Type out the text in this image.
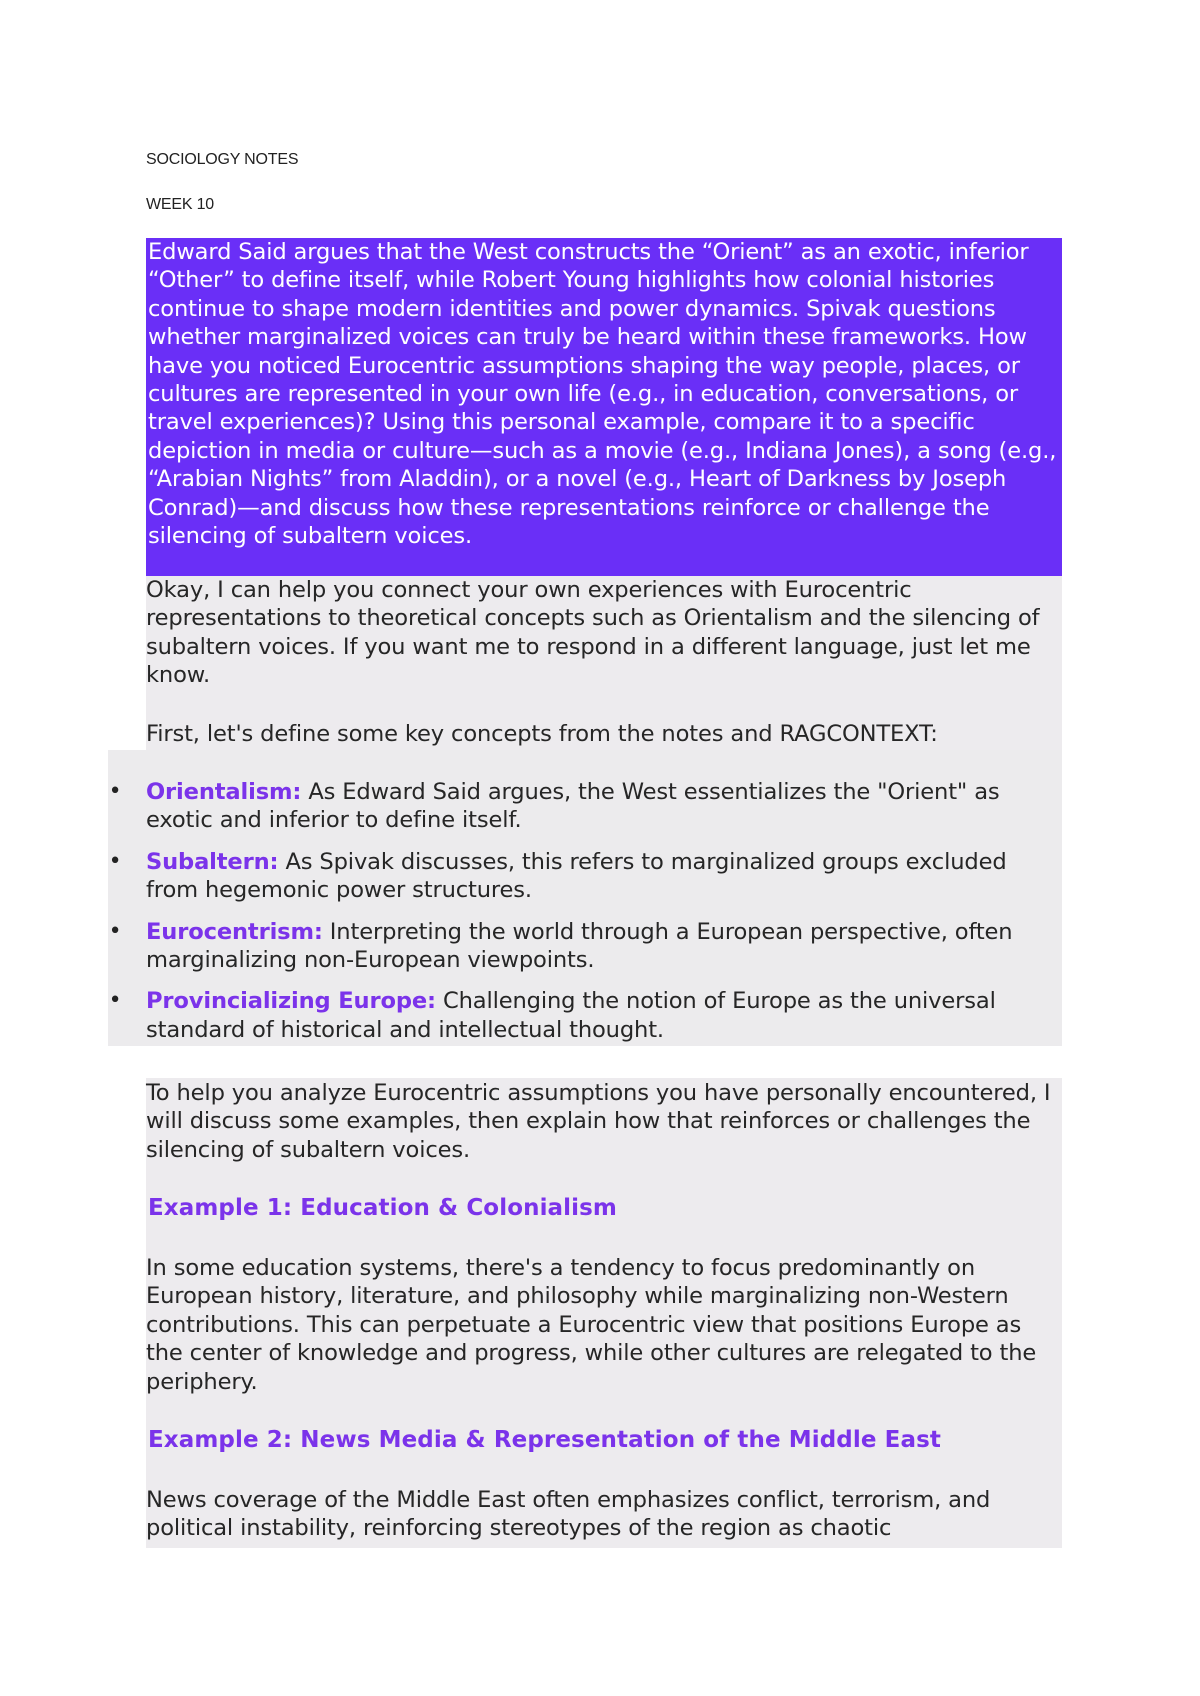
SOCIOLOGY NOTES
WEEK 10
Edward Said argues that the West constructs the “Orient” as an exotic, inferior “Other” to define itself, while Robert Young highlights how colonial histories continue to shape modern identities and power dynamics. Spivak questions whether marginalized voices can truly be heard within these frameworks. How have you noticed Eurocentric assumptions shaping the way people, places, or cultures are represented in your own life (e.g., in education, conversations, or travel experiences)? Using this personal example, compare it to a specific depiction in media or culture—such as a movie (e.g., Indiana Jones), a song (e.g., “Arabian Nights” from Aladdin), or a novel (e.g., Heart of Darkness by Joseph Conrad)—and discuss how these representations reinforce or challenge the silencing of subaltern voices.
Okay, I can help you connect your own experiences with Eurocentric representations to theoretical concepts such as Orientalism and the silencing of subaltern voices. If you want me to respond in a different language, just let me know.
First, let's define some key concepts from the notes and RAGCONTEXT:
• Orientalism: As Edward Said argues, the West essentializes the "Orient" as exotic and inferior to define itself.
• Subaltern: As Spivak discusses, this refers to marginalized groups excluded from hegemonic power structures.
• Eurocentrism: Interpreting the world through a European perspective, often marginalizing non-European viewpoints.
• Provincializing Europe: Challenging the notion of Europe as the universal standard of historical and intellectual thought.
To help you analyze Eurocentric assumptions you have personally encountered, I will discuss some examples, then explain how that reinforces or challenges the silencing of subaltern voices.
Example 1: Education & Colonialism
In some education systems, there's a tendency to focus predominantly on European history, literature, and philosophy while marginalizing non-Western contributions. This can perpetuate a Eurocentric view that positions Europe as the center of knowledge and progress, while other cultures are relegated to the periphery.
Example 2: News Media & Representation of the Middle East
News coverage of the Middle East often emphasizes conflict, terrorism, and political instability, reinforcing stereotypes of the region as chaotic
